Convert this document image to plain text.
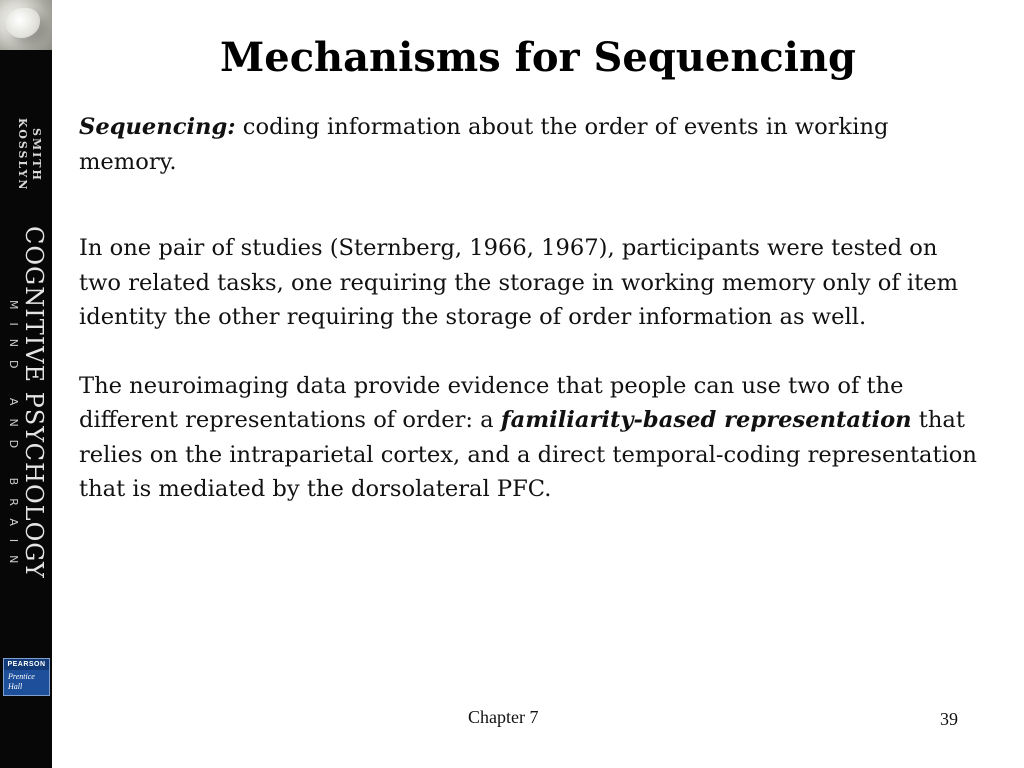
SMITH
KOSSLYN
COGNITIVE PSYCHOLOGY
MIND AND BRAIN
PEARSON
Prentice Hall
Mechanisms for Sequencing

Sequencing: coding information about the order of events in working memory.

In one pair of studies (Sternberg, 1966, 1967), participants were tested on two related tasks, one requiring the storage in working memory only of item identity the other requiring the storage of order information as well.

The neuroimaging data provide evidence that people can use two of the different representations of order: a familiarity-based representation that relies on the intraparietal cortex, and a direct temporal-coding representation that is mediated by the dorsolateral PFC.

Chapter 7	39
